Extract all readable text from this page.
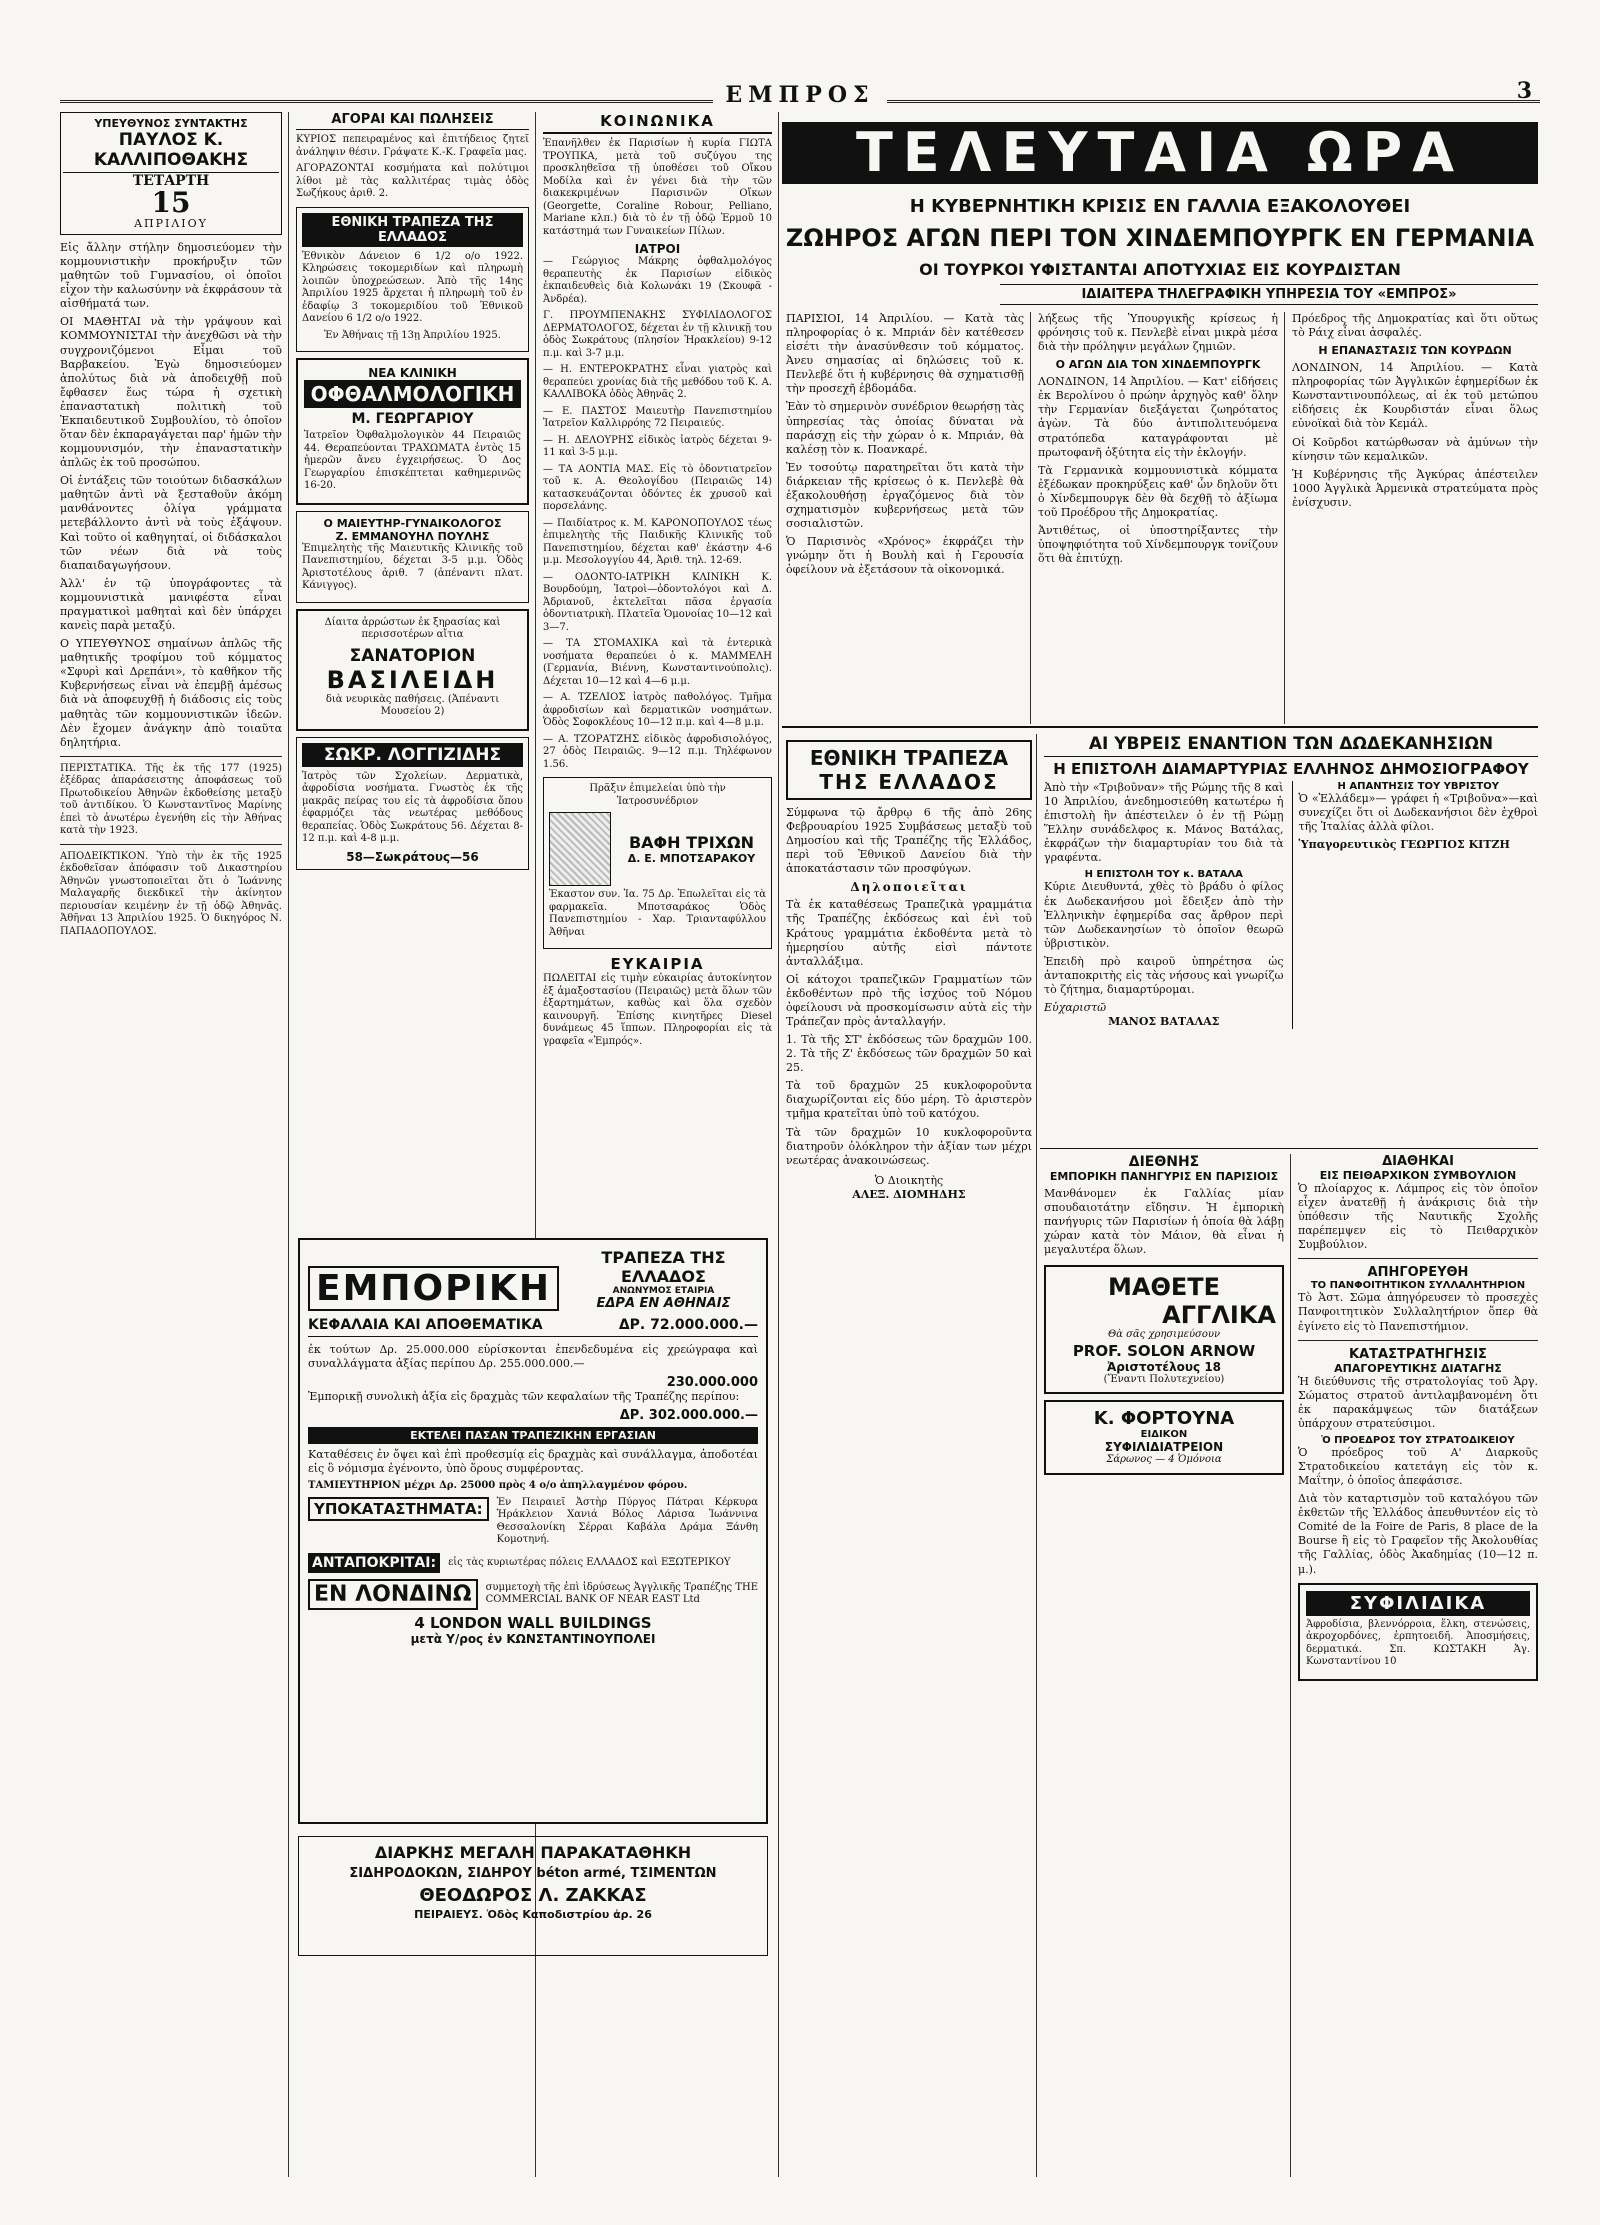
ΕΜΠΡΟΣ	3
ΥΠΕΥΘΥΝΟΣ ΣΥΝΤΑΚΤΗΣ
ΠΑΥΛΟΣ Κ. ΚΑΛΛΙΠΟΘΑΚΗΣ
ΤΕΤΑΡΤΗ
15
ΑΠΡΙΛΙΟΥ

Εἰς ἄλλην στήλην δημοσιεύομεν τὴν κομμουνιστικὴν προκήρυξιν τῶν μαθητῶν τοῦ Γυμνασίου, οἱ ὁποῖοι εἶχον τὴν καλωσύνην νὰ ἐκφράσουν τὰ αἰσθήματά των.

ΟΙ ΜΑΘΗΤΑΙ νὰ τὴν γράψουν καὶ ΚΟΜΜΟΥΝΙΣΤΑΙ τὴν ἀνεχθῶσι νὰ τὴν συγχρονιζόμενοι Εἶμαι τοῦ Βαρβακείου. Ἐγὼ δημοσιεύομεν ἀπολύτως διὰ νὰ ἀποδειχθῇ ποῦ ἔφθασεν ἕως τώρα ἡ σχετικὴ ἐπαναστατικὴ πολιτικὴ τοῦ Ἐκπαιδευτικοῦ Συμβουλίου, τὸ ὁποῖον ὅταν δὲν ἐκπαραγάγεται παρ' ἡμῶν τὴν κομμουνισμόν, τὴν ἐπαναστατικὴν ἀπλῶς ἐκ τοῦ προσώπου.

Οἱ ἐντάξεις τῶν τοιούτων διδασκάλων μαθητῶν ἀντὶ νὰ ξεσταθοῦν ἀκόμη μανθάνοντες ὀλίγα γράμματα μετεβάλλοντο ἀντὶ νὰ τοὺς ἐξάψουν. Καὶ τοῦτο οἱ καθηγηταί, οἱ διδάσκαλοι τῶν νέων διὰ νὰ τοὺς διαπαιδαγωγήσουν.

Ἀλλ' ἐν τῷ ὑπογράφοντες τὰ κομμουνιστικὰ μανιφέστα εἶναι πραγματικοὶ μαθηταὶ καὶ δὲν ὑπάρχει κανεὶς παρὰ μεταξύ.

Ο ΥΠΕΥΘΥΝΟΣ σημαίνων ἁπλῶς τῆς μαθητικῆς τροφίμου τοῦ κόμματος «Σφυρὶ καὶ Δρεπάνι», τὸ καθῆκον τῆς Κυβερνήσεως εἶναι νὰ ἐπεμβῇ ἀμέσως διὰ νὰ ἀποφευχθῇ ἡ διάδοσις εἰς τοὺς μαθητὰς τῶν κομμουνιστικῶν ἰδεῶν. Δὲν ἔχομεν ἀνάγκην ἀπὸ τοιαῦτα δηλητήρια.

ΠΕΡΙΣΤΑΤΙΚΑ. Τῆς ἐκ τῆς 177 (1925) ἐξέδρας ἀπαράσειστης ἀποφάσεως τοῦ Πρωτοδικείου Ἀθηνῶν ἐκδοθείσης μεταξὺ τοῦ ἀντιδίκου. Ὁ Κωνσταντῖνος Μαρίνης ἐπεὶ τὸ ἀνωτέρω ἐγενήθη εἰς τὴν Ἀθήνας κατὰ τὴν 1923.

ΑΠΟΔΕΙΚΤΙΚΟΝ. Ὑπὸ τὴν ἐκ τῆς 1925 ἐκδοθεῖσαν ἀπόφασιν τοῦ Δικαστηρίου Ἀθηνῶν γνωστοποιεῖται ὅτι ὁ Ἰωάννης Μαλαγαρῆς διεκδικεῖ τὴν ἀκίνητον περιουσίαν κειμένην ἐν τῇ ὁδῷ Ἀθηνᾶς. Ἀθῆναι 13 Ἀπριλίου 1925. Ὁ δικηγόρος Ν. ΠΑΠΑΔΟΠΟΥΛΟΣ.

ΑΓΟΡΑΙ ΚΑΙ ΠΩΛΗΣΕΙΣ

ΚΥΡΙΟΣ πεπειραμένος καὶ ἐπιτήδειος ζητεῖ ἀνάληψιν θέσιν. Γράψατε Κ.-Κ. Γραφεῖα μας.

ΑΓΟΡΑΖΟΝΤΑΙ κοσμήματα καὶ πολύτιμοι λίθοι μὲ τὰς καλλιτέρας τιμὰς ὁδὸς Σωζήκους ἀριθ. 2.

ΕΘΝΙΚΗ ΤΡΑΠΕΖΑ ΤΗΣ ΕΛΛΑΔΟΣ

Ἐθνικὸν Δάνειον 6 1/2 ο/ο 1922. Κληρώσεις τοκομεριδίων καὶ πληρωμὴ λοιπῶν ὑποχρεώσεων. Ἀπὸ τῆς 14ης Ἀπριλίου 1925 ἄρχεται ἡ πληρωμὴ τοῦ ἐν ἐδαφίῳ 3 τοκομεριδίου τοῦ Ἐθνικοῦ Δανείου 6 1/2 ο/ο 1922.

Ἐν Ἀθήναις τῇ 13ῃ Ἀπριλίου 1925.

ΝΕΑ ΚΛΙΝΙΚΗ
ΟΦΘΑΛΜΟΛΟΓΙΚΗ
Μ. ΓΕΩΡΓΑΡΙΟΥ

Ἰατρεῖον Ὀφθαλμολογικὸν 44 Πειραιῶς 44. Θεραπεύονται ΤΡΑΧΩΜΑΤΑ ἐντὸς 15 ἡμερῶν ἄνευ ἐγχειρήσεως. Ὁ Δος Γεωργαρίου ἐπισκέπτεται καθημερινῶς 16-20.

Ο ΜΑΙΕΥΤΗΡ-ΓΥΝΑΙΚΟΛΟΓΟΣ
Ζ. ΕΜΜΑΝΟΥΗΛ ΠΟΥΛΗΣ

Ἐπιμελητὴς τῆς Μαιευτικῆς Κλινικῆς τοῦ Πανεπιστημίου, δέχεται 3-5 μ.μ. Ὁδὸς Ἀριστοτέλους ἀριθ. 7 (ἀπέναντι πλατ. Κάνιγγος).

Δίαιτα ἀρρώστων ἐκ ξηρασίας καὶ περισσοτέρων αἴτια

ΣΑΝΑΤΟΡΙΟΝ
ΒΑΣΙΛΕΙΔΗ

διὰ νευρικὰς παθήσεις. (Ἀπέναντι Μουσείου 2)

ΣΩΚΡ. ΛΟΓΓΙΖΙΔΗΣ

Ἰατρὸς τῶν Σχολείων. Δερματικὰ, ἀφροδίσια νοσήματα. Γνωστὸς ἐκ τῆς μακρᾶς πείρας του εἰς τὰ ἀφροδίσια ὅπου ἐφαρμόζει τὰς νεωτέρας μεθόδους θεραπείας. Ὁδὸς Σωκράτους 56. Δέχεται 8-12 π.μ. καὶ 4-8 μ.μ.

58—Σωκράτους—56
ΚΟΙΝΩΝΙΚΑ

Ἐπανῆλθεν ἐκ Παρισίων ἡ κυρία ΓΙΩΤΑ ΤΡΟΥΠΚΑ, μετὰ τοῦ συζύγου της προσκληθεῖσα τῇ ὑποθέσει τοῦ Οἴκου Μοδίλα καὶ ἐν γένει διὰ τὴν τῶν διακεκριμένων Παρισινῶν Οἴκων (Georgette, Coraline Robour, Pelliano, Mariane κλπ.) διὰ τὸ ἐν τῇ ὁδῷ Ἑρμοῦ 10 κατάστημά των Γυναικείων Πίλων.

ΙΑΤΡΟΙ

— Γεώργιος Μάκρης ὀφθαλμολόγος θεραπευτὴς ἐκ Παρισίων εἰδικὸς ἐκπαιδευθεὶς διὰ Κολωνάκι 19 (Σκουφᾶ - Ἀνδρέα).

Γ. ΠΡΟΥΜΠΕΝΑΚΗΣ ΣΥΦΙΛΙΔΟΛΟΓΟΣ ΔΕΡΜΑΤΟΛΟΓΟΣ, δέχεται ἐν τῇ κλινικῇ του ὁδὸς Σωκράτους (πλησίον Ἡρακλείου) 9-12 π.μ. καὶ 3-7 μ.μ.

— Η. ΕΝΤΕΡΟΚΡΑΤΗΣ εἶναι γιατρὸς καὶ θεραπεύει χρονίας διὰ τῆς μεθόδου τοῦ Κ. Α. ΚΑΛΛΙΒΟΚΑ ὁδὸς Ἀθηνᾶς 2.

— Ε. ΠΑΣΤΟΣ Μαιευτὴρ Πανεπιστημίου Ἰατρεῖον Καλλιρρόης 72 Πειραιεύς.

— Η. ΔΕΛΟΥΡΗΣ εἰδικὸς ἰατρὸς δέχεται 9-11 καὶ 3-5 μ.μ.

— ΤΑ ΑΟΝΤΙΑ ΜΑΣ. Εἰς τὸ ὀδοντιατρεῖον τοῦ κ. Α. Θεολογίδου (Πειραιῶς 14) κατασκευάζονται ὀδόντες ἐκ χρυσοῦ καὶ πορσελάνης.

— Παιδίατρος κ. Μ. ΚΑΡΟΝΟΠΟΥΛΟΣ τέως ἐπιμελητὴς τῆς Παιδικῆς Κλινικῆς τοῦ Πανεπιστημίου, δέχεται καθ' ἑκάστην 4-6 μ.μ. Μεσολογγίου 44, Ἀριθ. τηλ. 12-69.

— ΟΔΟΝΤΟ-ΙΑΤΡΙΚΗ ΚΛΙΝΙΚΗ Κ. Βουρδούμη, Ἰατροὶ—ὀδοντολόγοι καὶ Δ. Ἀδριανοῦ, ἐκτελεῖται πᾶσα ἐργασία ὀδοντιατρικὴ. Πλατεῖα Ὁμονοίας 10—12 καὶ 3—7.

— ΤΑ ΣΤΟΜΑΧΙΚΑ καὶ τὰ ἐντερικὰ νοσήματα θεραπεύει ὁ κ. ΜΑΜΜΕΛΗ (Γερμανία, Βιέννη, Κωνσταντινούπολις). Δέχεται 10—12 καὶ 4—6 μ.μ.

— Α. ΤΖΕΛΙΟΣ ἰατρὸς παθολόγος. Τμῆμα ἀφροδισίων καὶ δερματικῶν νοσημάτων. Ὁδὸς Σοφοκλέους 10—12 π.μ. καὶ 4—8 μ.μ.

— Α. ΤΖΟΡΑΤΖΗΣ εἰδικὸς ἀφροδισιολόγος, 27 ὁδὸς Πειραιῶς. 9—12 π.μ. Τηλέφωνον 1.56.

Πρᾶξιν ἐπιμελείαι ὑπὸ τὴν Ἰατροσυνέδριον

ΒΑΦΗ ΤΡΙΧΩΝ
Δ. Ε. ΜΠΟΤΣΑΡΑΚΟΥ

Ἐκαστον συν. Ἰα. 75 Δρ. Ἐπωλεῖται εἰς τὰ φαρμακεῖα. Μποτσαράκος Ὁδὸς Πανεπιστημίου - Χαρ. Τριανταφύλλου Ἀθῆναι

ΕΥΚΑΙΡΙΑ

ΠΩΛΕΙΤΑΙ εἰς τιμὴν εὐκαιρίας ἀυτοκίνητον ἐξ ἀμαξοστασίου (Πειραιῶς) μετὰ ὅλων τῶν ἐξαρτημάτων, καθὼς καὶ ὅλα σχεδὸν καινουργῆ. Ἐπίσης κινητῆρες Diesel δυνάμεως 45 ἵππων. Πληροφορίαι εἰς τὰ γραφεῖα «Ἐμπρός».

ΕΜΠΟΡΙΚΗ
ΤΡΑΠΕΖΑ ΤΗΣ ΕΛΛΑΔΟΣ
ΑΝΩΝΥΜΟΣ ΕΤΑΙΡΙΑ
ΕΔΡΑ ΕΝ ΑΘΗΝΑΙΣ
ΚΕΦΑΛΑΙΑ ΚΑΙ ΑΠΟΘΕΜΑΤΙΚΑ	ΔΡ. 72.000.000.—

ἐκ τούτων Δρ. 25.000.000 εὑρίσκονται ἐπενδεδυμένα εἰς χρεώγραφα καὶ συναλλάγματα ἀξίας περίπου Δρ. 255.000.000.—

230.000.000

Ἐμπορικῇ συνολικὴ ἀξία εἰς δραχμὰς τῶν κεφαλαίων τῆς Τραπέζης περίπου:

ΔΡ. 302.000.000.—
ΕΚΤΕΛΕΙ ΠΑΣΑΝ ΤΡΑΠΕΖΙΚΗΝ ΕΡΓΑΣΙΑΝ

Καταθέσεις ἐν ὄψει καὶ ἐπὶ προθεσμίᾳ εἰς δραχμὰς καὶ συνάλλαγμα, ἀποδοτέαι εἰς ὃ νόμισμα ἐγένοντο, ὑπὸ ὅρους συμφέροντας.

ΤΑΜΙΕΥΤΗΡΙΟΝ μέχρι Δρ. 25000 πρὸς 4 ο/ο ἀπηλλαγμένον φόρου.

ΥΠΟΚΑΤΑΣΤΗΜΑΤΑ:	Ἐν Πειραιεῖ Ἀστὴρ Πύργος Πάτραι Κέρκυρα Ἡράκλειον Χανιά Βόλος Λάρισα Ἰωάννινα Θεσσαλονίκη Σέρραι Καβάλα Δράμα Ξάνθη Κομοτηνή.
ΑΝΤΑΠΟΚΡΙΤΑΙ:	εἰς τὰς κυριωτέρας πόλεις ΕΛΛΑΔΟΣ καὶ ΕΞΩΤΕΡΙΚΟΥ
ΕΝ ΛΟΝΔΙΝΩ	συμμετοχὴ τῆς ἐπὶ ἱδρύσεως Ἀγγλικῆς Τραπέζης THE COMMERCIAL BANK OF NEAR EAST Ltd
4 LONDON WALL BUILDINGS
μετὰ Υ/ρος ἐν ΚΩΝΣΤΑΝΤΙΝΟΥΠΟΛΕΙ
ΔΙΑΡΚΗΣ ΜΕΓΑΛΗ ΠΑΡΑΚΑΤΑΘΗΚΗ
ΣΙΔΗΡΟΔΟΚΩΝ, ΣΙΔΗΡΟΥ béton armé, ΤΣΙΜΕΝΤΩΝ
ΘΕΟΔΩΡΟΣ Λ. ΖΑΚΚΑΣ
ΠΕΙΡΑΙΕΥΣ. Ὁδὸς Καποδιστρίου ἀρ. 26
ΤΕΛΕΥΤΑΙΑ ΩΡΑ
Η ΚΥΒΕΡΝΗΤΙΚΗ ΚΡΙΣΙΣ ΕΝ ΓΑΛΛΙΑ ΕΞΑΚΟΛΟΥΘΕΙ
ΖΩΗΡΟΣ ΑΓΩΝ ΠΕΡΙ ΤΟΝ ΧΙΝΔΕΜΠΟΥΡΓΚ ΕΝ ΓΕΡΜΑΝΙΑ
ΟΙ ΤΟΥΡΚΟΙ ΥΦΙΣΤΑΝΤΑΙ ΑΠΟΤΥΧΙΑΣ ΕΙΣ ΚΟΥΡΔΙΣΤΑΝ
ΙΔΙΑΙΤΕΡΑ ΤΗΛΕΓΡΑΦΙΚΗ ΥΠΗΡΕΣΙΑ ΤΟΥ «ΕΜΠΡΟΣ»

ΠΑΡΙΣΙΟΙ, 14 Ἀπριλίου. — Κατὰ τὰς πληροφορίας ὁ κ. Μπριάν δὲν κατέθεσεν εἰσέτι τὴν ἀνασύνθεσιν τοῦ κόμματος. Ἀνευ σημασίας αἱ δηλώσεις τοῦ κ. Πενλεβέ ὅτι ἡ κυβέρνησις θὰ σχηματισθῇ τὴν προσεχῆ ἑβδομάδα.

Ἐὰν τὸ σημερινὸν συνέδριον θεωρήσῃ τὰς ὑπηρεσίας τὰς ὁποίας δύναται νὰ παράσχῃ εἰς τὴν χώραν ὁ κ. Μπριάν, θὰ καλέσῃ τὸν κ. Ποανκαρέ.

Ἐν τοσούτῳ παρατηρεῖται ὅτι κατὰ τὴν διάρκειαν τῆς κρίσεως ὁ κ. Πενλεβὲ θὰ ἐξακολουθήσῃ ἐργαζόμενος διὰ τὸν σχηματισμὸν κυβερνήσεως μετὰ τῶν σοσιαλιστῶν.

Ὁ Παρισινὸς «Χρόνος» ἐκφράζει τὴν γνώμην ὅτι ἡ Βουλὴ καὶ ἡ Γερουσία ὀφείλουν νὰ ἐξετάσουν τὰ οἰκονομικά.

λήξεως τῆς Ὑπουργικῆς κρίσεως ἡ φρόνησις τοῦ κ. Πενλεβὲ εἶναι μικρὰ μέσα διὰ τὴν πρόληψιν μεγάλων ζημιῶν.

Ο ΑΓΩΝ ΔΙΑ ΤΟΝ ΧΙΝΔΕΜΠΟΥΡΓΚ

ΛΟΝΔΙΝΟΝ, 14 Ἀπριλίου. — Κατ' εἰδήσεις ἐκ Βερολίνου ὁ πρώην ἀρχηγὸς καθ' ὅλην τὴν Γερμανίαν διεξάγεται ζωηρότατος ἀγὼν. Τὰ δύο ἀντιπολιτευόμενα στρατόπεδα καταγράφονται μὲ πρωτοφανῆ ὁξύτητα εἰς τὴν ἐκλογήν.

Τὰ Γερμανικὰ κομμουνιστικὰ κόμματα ἐξέδωκαν προκηρύξεις καθ' ὧν δηλοῦν ὅτι ὁ Χίνδεμπουργκ δὲν θὰ δεχθῇ τὸ ἀξίωμα τοῦ Προέδρου τῆς Δημοκρατίας.

Ἀντιθέτως, οἱ ὑποστηρίξαντες τὴν ὑποψηφιότητα τοῦ Χίνδεμπουργκ τονίζουν ὅτι θὰ ἐπιτύχῃ.

Πρόεδρος τῆς Δημοκρατίας καὶ ὅτι οὕτως τὸ Ράιχ εἶναι ἀσφαλές.

Η ΕΠΑΝΑΣΤΑΣΙΣ ΤΩΝ ΚΟΥΡΔΩΝ

ΛΟΝΔΙΝΟΝ, 14 Ἀπριλίου. — Κατὰ πληροφορίας τῶν Ἀγγλικῶν ἐφημερίδων ἐκ Κωνσταντινουπόλεως, αἱ ἐκ τοῦ μετώπου εἰδήσεις ἐκ Κουρδιστάν εἶναι ὅλως εὐνοϊκαὶ διὰ τὸν Κεμάλ.

Οἱ Κοῦρδοι κατώρθωσαν νὰ ἀμύνων τὴν κίνησιν τῶν κεμαλικῶν.

Ἡ Κυβέρνησις τῆς Ἀγκύρας ἀπέστειλεν 1000 Ἀγγλικὰ Ἀρμενικὰ στρατεύματα πρὸς ἐνίσχυσιν.

ΕΘΝΙΚΗ ΤΡΑΠΕΖΑ
ΤΗΣ ΕΛΛΑΔΟΣ

Σύμφωνα τῷ ἄρθρῳ 6 τῆς ἀπὸ 26ης Φεβρουαρίου 1925 Συμβάσεως μεταξὺ τοῦ Δημοσίου καὶ τῆς Τραπέζης τῆς Ἑλλάδος, περὶ τοῦ Ἐθνικοῦ Δανείου διὰ τὴν ἀποκατάστασιν τῶν προσφύγων.

Δηλοποιεῖται

Τὰ ἐκ καταθέσεως Τραπεζικὰ γραμμάτια τῆς Τραπέζης ἐκδόσεως καὶ ἐνὶ τοῦ Κράτους γραμμάτια ἐκδοθέντα μετὰ τὸ ἡμερησίου αὐτῆς εἰσὶ πάντοτε ἀνταλλάξιμα.

Οἱ κάτοχοι τραπεζικῶν Γραμματίων τῶν ἐκδοθέντων πρὸ τῆς ἰσχύος τοῦ Νόμου ὀφείλουσι νὰ προσκομίσωσιν αὐτὰ εἰς τὴν Τράπεζαν πρὸς ἀνταλλαγήν.

1. Τὰ τῆς ΣΤ' ἐκδόσεως τῶν δραχμῶν 100. 2. Τὰ τῆς Ζ' ἐκδόσεως τῶν δραχμῶν 50 καὶ 25.

Τὰ τοῦ δραχμῶν 25 κυκλοφοροῦντα διαχωρίζονται εἰς δύο μέρη. Τὸ ἀριστερὸν τμῆμα κρατεῖται ὑπὸ τοῦ κατόχου.

Τὰ τῶν δραχμῶν 10 κυκλοφοροῦντα διατηροῦν ὁλόκληρον τὴν ἀξίαν των μέχρι νεωτέρας ἀνακοινώσεως.

Ὁ Διοικητὴς
ΑΛΕΞ. ΔΙΟΜΗΔΗΣ
ΑΙ ΥΒΡΕΙΣ ΕΝΑΝΤΙΟΝ ΤΩΝ ΔΩΔΕΚΑΝΗΣΙΩΝ
Η ΕΠΙΣΤΟΛΗ ΔΙΑΜΑΡΤΥΡΙΑΣ ΕΛΛΗΝΟΣ ΔΗΜΟΣΙΟΓΡΑΦΟΥ

Ἀπὸ τὴν «Τριβοῦναν» τῆς Ρώμης τῆς 8 καὶ 10 Ἀπριλίου, ἀνεδημοσιεύθη κατωτέρω ἡ ἐπιστολὴ ἣν ἀπέστειλεν ὁ ἐν τῇ Ρώμῃ Ἕλλην συνάδελφος κ. Μάνος Βατάλας, ἐκφράζων τὴν διαμαρτυρίαν του διὰ τὰ γραφέντα.

Η ΕΠΙΣΤΟΛΗ ΤΟΥ κ. ΒΑΤΑΛΑ

Κύριε Διευθυντά, χθὲς τὸ βράδυ ὁ φίλος ἐκ Δωδεκανήσου μοὶ ἔδειξεν ἀπὸ τὴν Ἑλληνικὴν ἐφημερίδα σας ἄρθρον περὶ τῶν Δωδεκανησίων τὸ ὁποῖον θεωρῶ ὑβριστικὸν.

Ἐπειδὴ πρὸ καιροῦ ὑπηρέτησα ὡς ἀνταποκριτὴς εἰς τὰς νήσους καὶ γνωρίζω τὸ ζήτημα, διαμαρτύρομαι.

Εὐχαριστῶ
ΜΑΝΟΣ ΒΑΤΑΛΑΣ
Η ΑΠΑΝΤΗΣΙΣ ΤΟΥ ΥΒΡΙΣΤΟΥ

Ὁ «Ἐλλάδεμ»— γράφει ἡ «Τριβοῦνα»—καὶ συνεχίζει ὅτι οἱ Δωδεκανήσιοι δὲν ἐχθροὶ τῆς Ἰταλίας ἀλλὰ φίλοι.

Ὑπαγορευτικὸς ΓΕΩΡΓΙΟΣ ΚΙΤΖΗ
ΔΙΕΘΝΗΣ
ΕΜΠΟΡΙΚΗ ΠΑΝΗΓΥΡΙΣ ΕΝ ΠΑΡΙΣΙΟΙΣ

Μανθάνομεν ἐκ Γαλλίας μίαν σπουδαιοτάτην εἴδησιν. Ἡ ἐμπορικὴ πανήγυρις τῶν Παρισίων ἡ ὁποία θὰ λάβῃ χώραν κατὰ τὸν Μάιον, θὰ εἶναι ἡ μεγαλυτέρα ὅλων.

ΜΑΘΕΤΕ
ΑΓΓΛΙΚΑ
Θὰ σᾶς χρησιμεύσουν
PROF. SOLON ARNOW
Ἀριστοτέλους 18
(Ἔναντι Πολυτεχνείου)
Κ. ΦΟΡΤΟΥΝΑ
ΕΙΔΙΚΟΝ
ΣΥΦΙΛΙΔΙΑΤΡΕΙΟΝ
Σάρωνος — 4 Ὁμόνοια
ΔΙΑΘΗΚΑΙ
ΕΙΣ ΠΕΙΘΑΡΧΙΚΟΝ ΣΥΜΒΟΥΛΙΟΝ

Ὁ πλοίαρχος κ. Λάμπρος εἰς τὸν ὁποῖον εἶχεν ἀνατεθῇ ἡ ἀνάκρισις διὰ τὴν ὑπόθεσιν τῆς Ναυτικῆς Σχολῆς παρέπεμψεν εἰς τὸ Πειθαρχικὸν Συμβούλιον.

ΑΠΗΓΟΡΕΥΘΗ
ΤΟ ΠΑΝΦΟΙΤΗΤΙΚΟΝ ΣΥΛΛΑΛΗΤΗΡΙΟΝ

Τὸ Ἀστ. Σῶμα ἀπηγόρευσεν τὸ προσεχὲς Πανφοιτητικὸν Συλλαλητήριον ὅπερ θὰ ἐγίνετο εἰς τὸ Πανεπιστήμιον.

ΚΑΤΑΣΤΡΑΤΗΓΗΣΙΣ
ΑΠΑΓΟΡΕΥΤΙΚΗΣ ΔΙΑΤΑΓΗΣ

Ἡ διεύθυνσις τῆς στρατολογίας τοῦ Ἀργ. Σώματος στρατοῦ ἀντιλαμβανομένη ὅτι ἐκ παρακάμψεως τῶν διατάξεων ὑπάρχουν στρατεύσιμοι.

Ὁ ΠΡΟΕΔΡΟΣ ΤΟΥ ΣΤΡΑΤΟΔΙΚΕΙΟΥ

Ὁ πρόεδρος τοῦ Α' Διαρκοῦς Στρατοδικείου κατετάγη εἰς τὸν κ. Μαΐτην, ὁ ὁποῖος ἀπεφάσισε.

Διὰ τὸν καταρτισμὸν τοῦ καταλόγου τῶν ἐκθετῶν τῆς Ἑλλάδος ἀπευθυντέον εἰς τὸ Comité de la Foire de Paris, 8 place de la Bourse ἢ εἰς τὸ Γραφεῖον τῆς Ἀκολουθίας τῆς Γαλλίας, ὁδὸς Ἀκαδημίας (10—12 π. μ.).

ΣΥΦΙΛΙΔΙΚΑ

Ἀφροδίσια, βλεννόρροια, ἕλκη, στενώσεις, ἀκροχορδόνες, ἑρπητοειδῆ. Ἀποσμήσεις, δερματικά. Σπ. ΚΩΣΤΑΚΗ Ἀγ. Κωνσταντίνου 10
